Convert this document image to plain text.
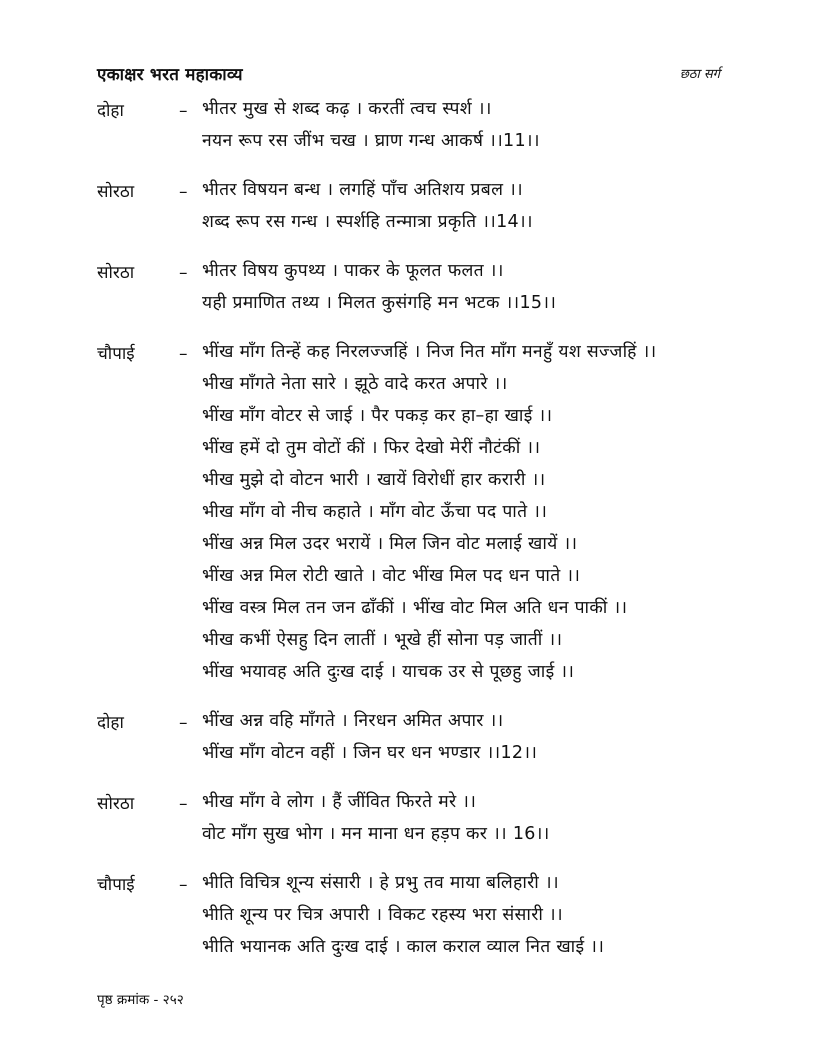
एकाक्षर भरत महाकाव्य	छठा सर्ग
दोहा	– भीतर मुख से शब्द कढ़ । करतीं त्वच स्पर्श ।।
नयन रूप रस जींभ चख । घ्राण गन्ध आकर्ष ।।11।।
सोरठा	– भीतर विषयन बन्ध । लगहिं पाँच अतिशय प्रबल ।।
शब्द रूप रस गन्ध । स्पर्शहि तन्मात्रा प्रकृति ।।14।।
सोरठा	– भीतर विषय कुपथ्य । पाकर के फूलत फलत ।।
यही प्रमाणित तथ्य । मिलत कुसंगहि मन भटक ।।15।।
चौपाई	– भींख माँग तिन्हें कह निरलज्जहिं । निज नित माँग मनहुँ यश सज्जहिं ।।
भीख माँगते नेता सारे । झूठे वादे करत अपारे ।।
भींख माँग वोटर से जाई । पैर पकड़ कर हा–हा खाई ।।
भींख हमें दो तुम वोटों कीं । फिर देखो मेरीं नौटंकीं ।।
भीख मुझे दो वोटन भारी । खायें विरोधीं हार करारी ।।
भीख माँग वो नीच कहाते । माँग वोट ऊँचा पद पाते ।।
भींख अन्न मिल उदर भरायें । मिल जिन वोट मलाई खायें ।।
भींख अन्न मिल रोटी खाते । वोट भींख मिल पद धन पाते ।।
भींख वस्त्र मिल तन जन ढाँकीं । भींख वोट मिल अति धन पाकीं ।।
भीख कभीं ऐसहु दिन लातीं । भूखे हीं सोना पड़ जातीं ।।
भींख भयावह अति दुःख दाई । याचक उर से पूछहु जाई ।।
दोहा	– भींख अन्न वहि माँगते । निरधन अमित अपार ।।
भींख माँग वोटन वहीं । जिन घर धन भण्डार ।।12।।
सोरठा	– भीख माँग वे लोग । हैं जींवित फिरते मरे ।।
वोट माँग सुख भोग । मन माना धन हड़प कर ।। 16।।
चौपाई	– भीति विचित्र शून्य संसारी । हे प्रभु तव माया बलिहारी ।।
भीति शून्य पर चित्र अपारी । विकट रहस्य भरा संसारी ।।
भीति भयानक अति दुःख दाई । काल कराल व्याल नित खाई ।।
पृष्ठ क्रमांक - २५२
